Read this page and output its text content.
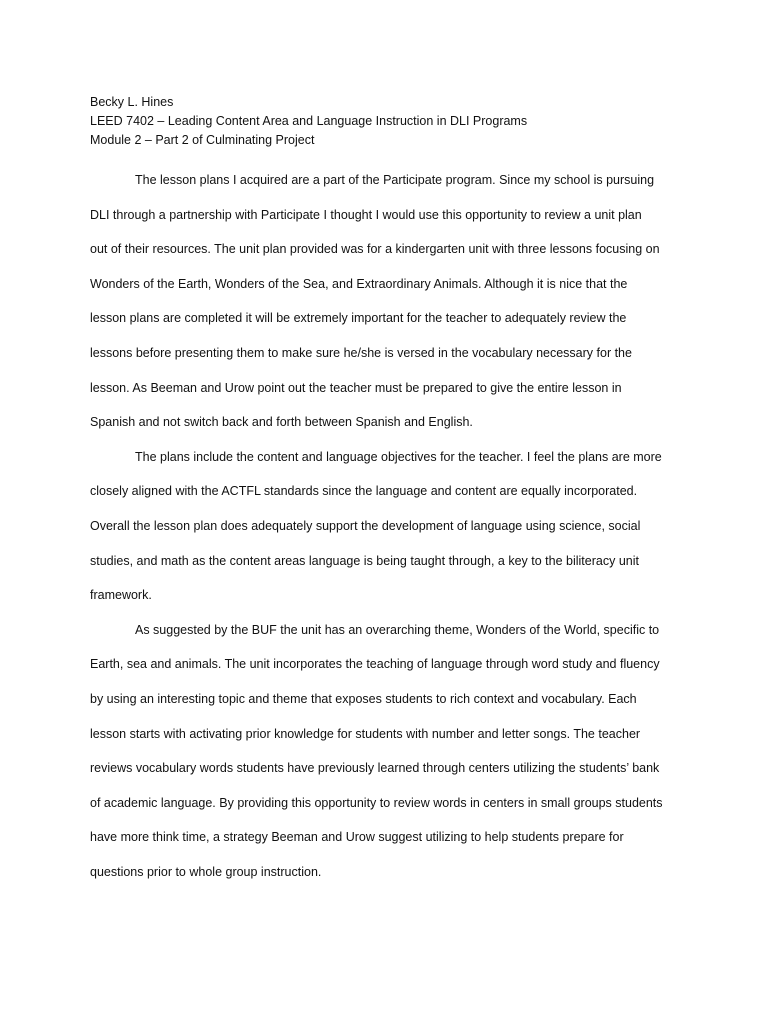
Becky L. Hines
LEED 7402 – Leading Content Area and Language Instruction in DLI Programs
Module 2 – Part 2 of Culminating Project

The lesson plans I acquired are a part of the Participate program. Since my school is pursuing
DLI through a partnership with Participate I thought I would use this opportunity to review a unit plan
out of their resources. The unit plan provided was for a kindergarten unit with three lessons focusing on
Wonders of the Earth, Wonders of the Sea, and Extraordinary Animals. Although it is nice that the
lesson plans are completed it will be extremely important for the teacher to adequately review the
lessons before presenting them to make sure he/she is versed in the vocabulary necessary for the
lesson. As Beeman and Urow point out the teacher must be prepared to give the entire lesson in
Spanish and not switch back and forth between Spanish and English.

The plans include the content and language objectives for the teacher. I feel the plans are more
closely aligned with the ACTFL standards since the language and content are equally incorporated.
Overall the lesson plan does adequately support the development of language using science, social
studies, and math as the content areas language is being taught through, a key to the biliteracy unit
framework.

As suggested by the BUF the unit has an overarching theme, Wonders of the World, specific to
Earth, sea and animals. The unit incorporates the teaching of language through word study and fluency
by using an interesting topic and theme that exposes students to rich context and vocabulary. Each
lesson starts with activating prior knowledge for students with number and letter songs. The teacher
reviews vocabulary words students have previously learned through centers utilizing the students’ bank
of academic language. By providing this opportunity to review words in centers in small groups students
have more think time, a strategy Beeman and Urow suggest utilizing to help students prepare for
questions prior to whole group instruction.
